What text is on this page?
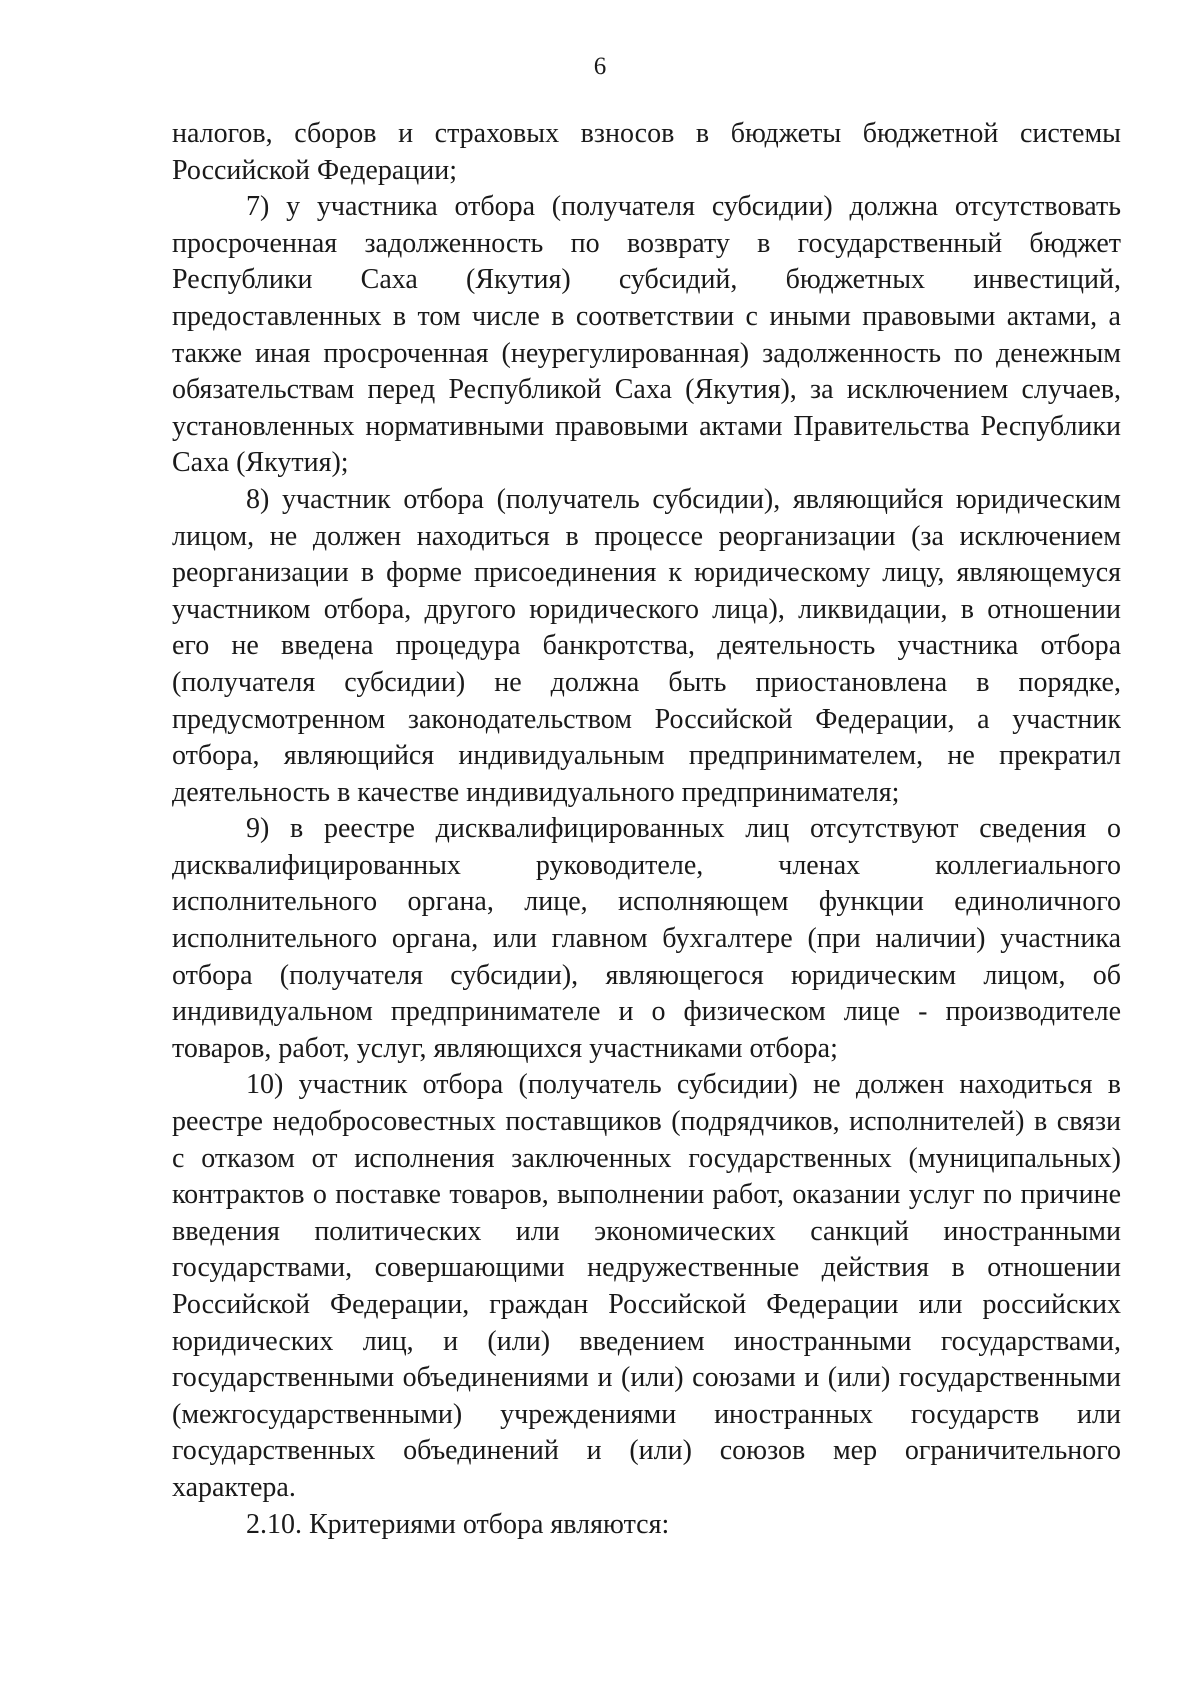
6

налогов, сборов и страховых взносов в бюджеты бюджетной системы Российской Федерации;

7) у участника отбора (получателя субсидии) должна отсутствовать просроченная задолженность по возврату в государственный бюджет Республики Саха (Якутия) субсидий, бюджетных инвестиций, предоставленных в том числе в соответствии с иными правовыми актами, а также иная просроченная (неурегулированная) задолженность по денежным обязательствам перед Республикой Саха (Якутия), за исключением случаев, установленных нормативными правовыми актами Правительства Республики Саха (Якутия);

8) участник отбора (получатель субсидии), являющийся юридическим лицом, не должен находиться в процессе реорганизации (за исключением реорганизации в форме присоединения к юридическому лицу, являющемуся участником отбора, другого юридического лица), ликвидации, в отношении его не введена процедура банкротства, деятельность участника отбора (получателя субсидии) не должна быть приостановлена в порядке, предусмотренном законодательством Российской Федерации, а участник отбора, являющийся индивидуальным предпринимателем, не прекратил деятельность в качестве индивидуального предпринимателя;

9) в реестре дисквалифицированных лиц отсутствуют сведения о дисквалифицированных руководителе, членах коллегиального исполнительного органа, лице, исполняющем функции единоличного исполнительного органа, или главном бухгалтере (при наличии) участника отбора (получателя субсидии), являющегося юридическим лицом, об индивидуальном предпринимателе и о физическом лице - производителе товаров, работ, услуг, являющихся участниками отбора;

10) участник отбора (получатель субсидии) не должен находиться в реестре недобросовестных поставщиков (подрядчиков, исполнителей) в связи с отказом от исполнения заключенных государственных (муниципальных) контрактов о поставке товаров, выполнении работ, оказании услуг по причине введения политических или экономических санкций иностранными государствами, совершающими недружественные действия в отношении Российской Федерации, граждан Российской Федерации или российских юридических лиц, и (или) введением иностранными государствами, государственными объединениями и (или) союзами и (или) государственными (межгосударственными) учреждениями иностранных государств или государственных объединений и (или) союзов мер ограничительного характера.

2.10. Критериями отбора являются:
